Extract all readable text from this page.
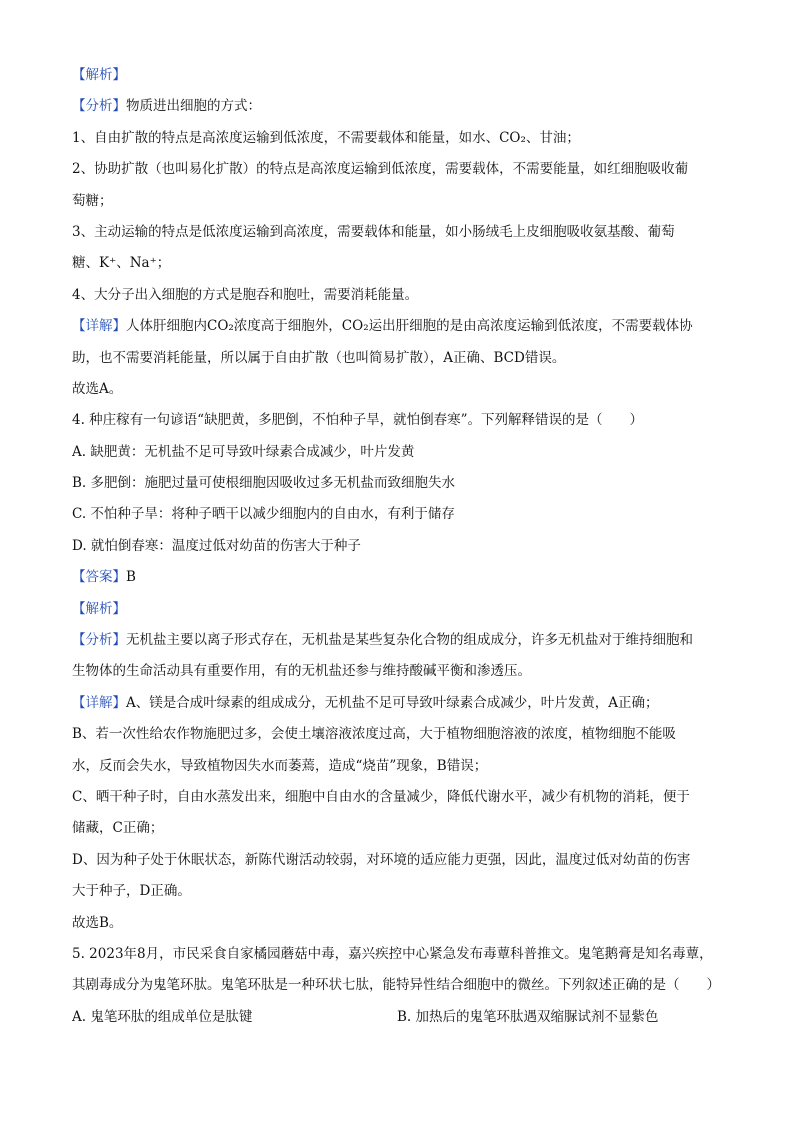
【解析】
【分析】物质进出细胞的方式：
1、自由扩散的特点是高浓度运输到低浓度，不需要载体和能量，如水、CO₂、甘油；
2、协助扩散（也叫易化扩散）的特点是高浓度运输到低浓度，需要载体，不需要能量，如红细胞吸收葡
萄糖；
3、主动运输的特点是低浓度运输到高浓度，需要载体和能量，如小肠绒毛上皮细胞吸收氨基酸、葡萄
糖、K⁺、Na⁺；
4、大分子出入细胞的方式是胞吞和胞吐，需要消耗能量。
【详解】人体肝细胞内CO₂浓度高于细胞外，CO₂运出肝细胞的是由高浓度运输到低浓度，不需要载体协
助，也不需要消耗能量，所以属于自由扩散（也叫简易扩散），A正确、BCD错误。
故选A。
4. 种庄稼有一句谚语“缺肥黄，多肥倒，不怕种子旱，就怕倒春寒”。下列解释错误的是（　　）
A. 缺肥黄：无机盐不足可导致叶绿素合成减少，叶片发黄
B. 多肥倒：施肥过量可使根细胞因吸收过多无机盐而致细胞失水
C. 不怕种子旱：将种子晒干以减少细胞内的自由水，有利于储存
D. 就怕倒春寒：温度过低对幼苗的伤害大于种子
【答案】B
【解析】
【分析】无机盐主要以离子形式存在，无机盐是某些复杂化合物的组成成分，许多无机盐对于维持细胞和
生物体的生命活动具有重要作用，有的无机盐还参与维持酸碱平衡和渗透压。
【详解】A、镁是合成叶绿素的组成成分，无机盐不足可导致叶绿素合成减少，叶片发黄，A正确；
B、若一次性给农作物施肥过多，会使土壤溶液浓度过高，大于植物细胞溶液的浓度，植物细胞不能吸
水，反而会失水，导致植物因失水而萎蔫，造成“烧苗”现象，B错误；
C、晒干种子时，自由水蒸发出来，细胞中自由水的含量减少，降低代谢水平，减少有机物的消耗，便于
储藏，C正确；
D、因为种子处于休眠状态，新陈代谢活动较弱，对环境的适应能力更强，因此，温度过低对幼苗的伤害
大于种子，D正确。
故选B。
5. 2023年8月，市民采食自家橘园蘑菇中毒，嘉兴疾控中心紧急发布毒蕈科普推文。鬼笔鹅膏是知名毒蕈，
其剧毒成分为鬼笔环肽。鬼笔环肽是一种环状七肽，能特异性结合细胞中的微丝。下列叙述正确的是（　　）
A. 鬼笔环肽的组成单位是肽键	B. 加热后的鬼笔环肽遇双缩脲试剂不显紫色
